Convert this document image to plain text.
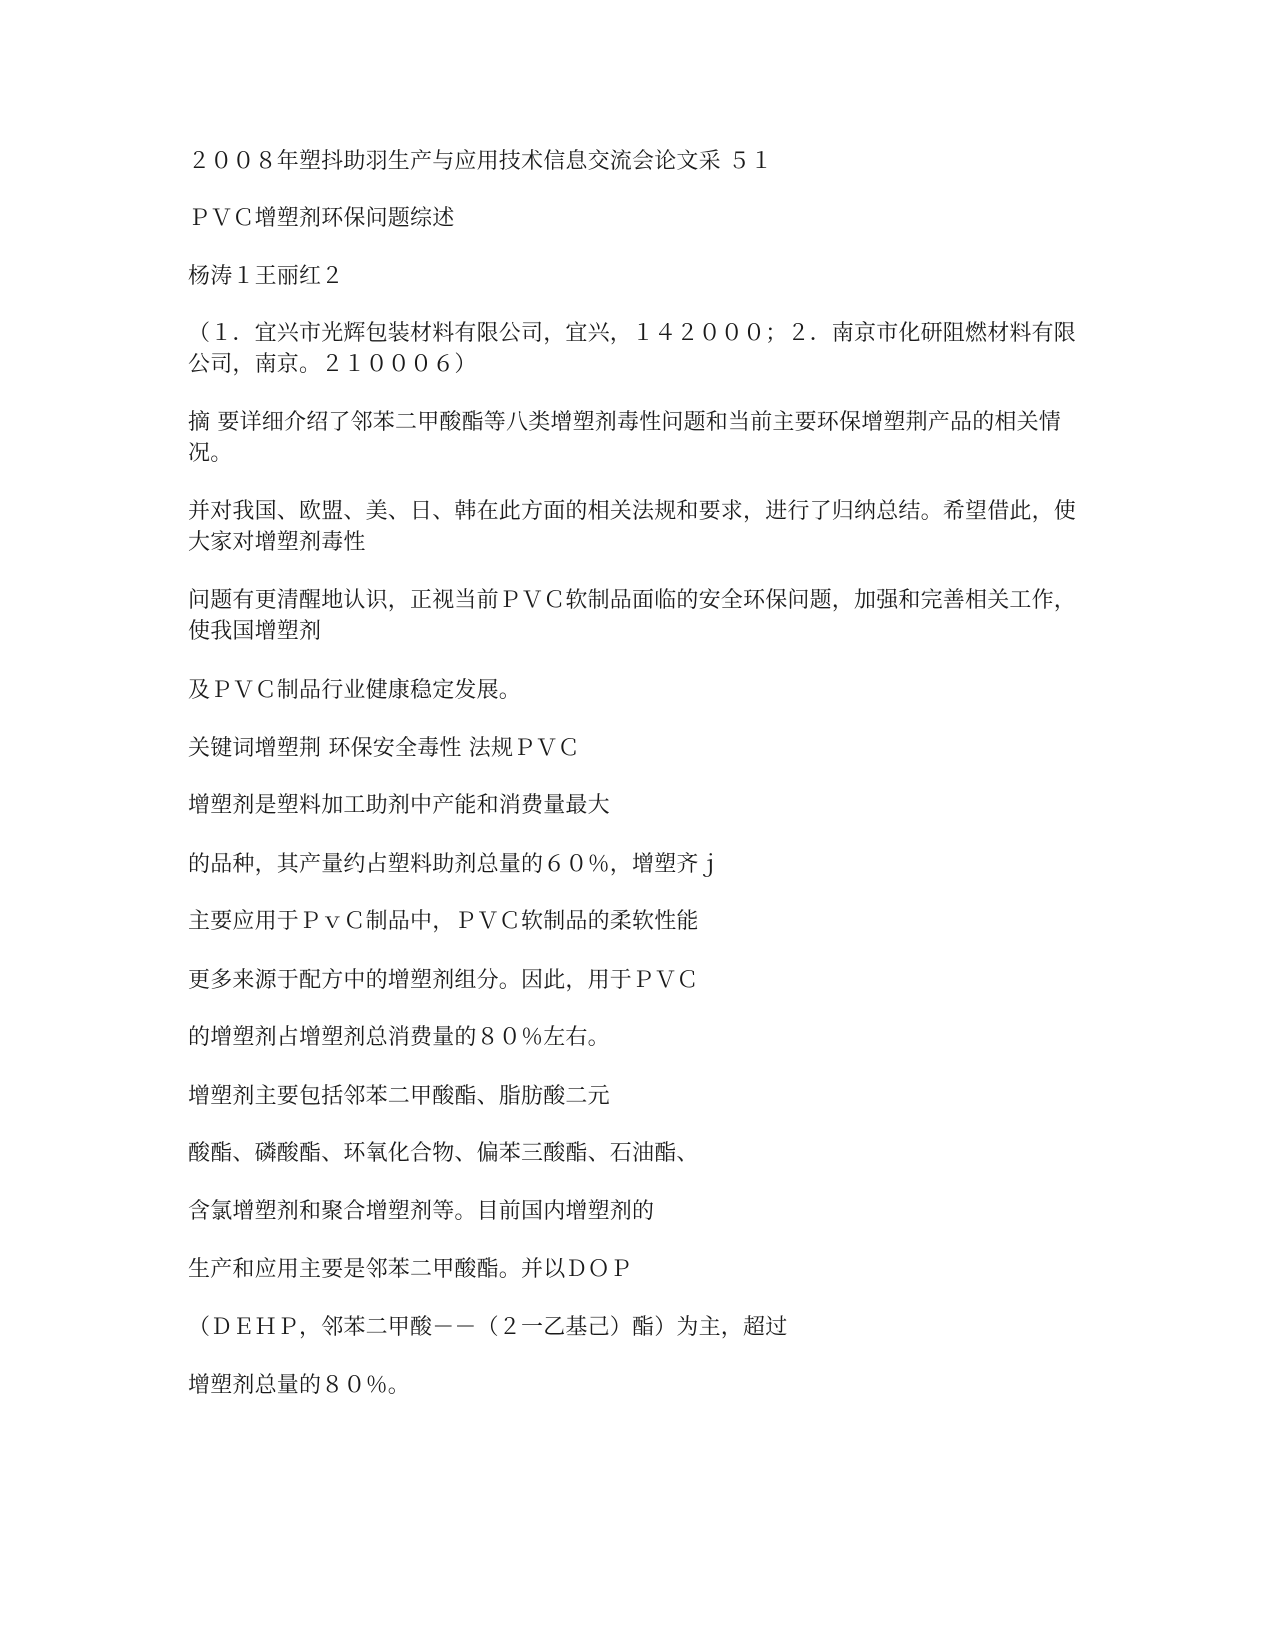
２００８年塑抖助羽生产与应用技术信息交流会论文采 ５１

ＰＶＣ增塑剂环保问题综述

杨涛１王丽红２

（１．宜兴市光辉包装材料有限公司，宜兴，１４２０００；２．南京市化研阻燃材料有限公司，南京。２１０００６）

摘 要详细介绍了邻苯二甲酸酯等八类增塑剂毒性问题和当前主要环保增塑荆产品的相关情况。

并对我国、欧盟、美、日、韩在此方面的相关法规和要求，进行了归纳总结。希望借此，使大家对增塑剂毒性

问题有更清醒地认识，正视当前ＰＶＣ软制品面临的安全环保问题，加强和完善相关工作，使我国增塑剂

及ＰＶＣ制品行业健康稳定发展。

关键词增塑荆 环保安全毒性 法规ＰＶＣ

增塑剂是塑料加工助剂中产能和消费量最大

的品种，其产量约占塑料助剂总量的６０％，增塑齐ｊ

主要应用于ＰｖＣ制品中，ＰＶＣ软制品的柔软性能

更多来源于配方中的增塑剂组分。因此，用于ＰＶＣ

的增塑剂占增塑剂总消费量的８０％左右。

增塑剂主要包括邻苯二甲酸酯、脂肪酸二元

酸酯、磷酸酯、环氧化合物、偏苯三酸酯、石油酯、

含氯增塑剂和聚合增塑剂等。目前国内增塑剂的

生产和应用主要是邻苯二甲酸酯。并以ＤＯＰ

（ＤＥＨＰ，邻苯二甲酸－－（２一乙基己）酯）为主，超过

增塑剂总量的８０％。
